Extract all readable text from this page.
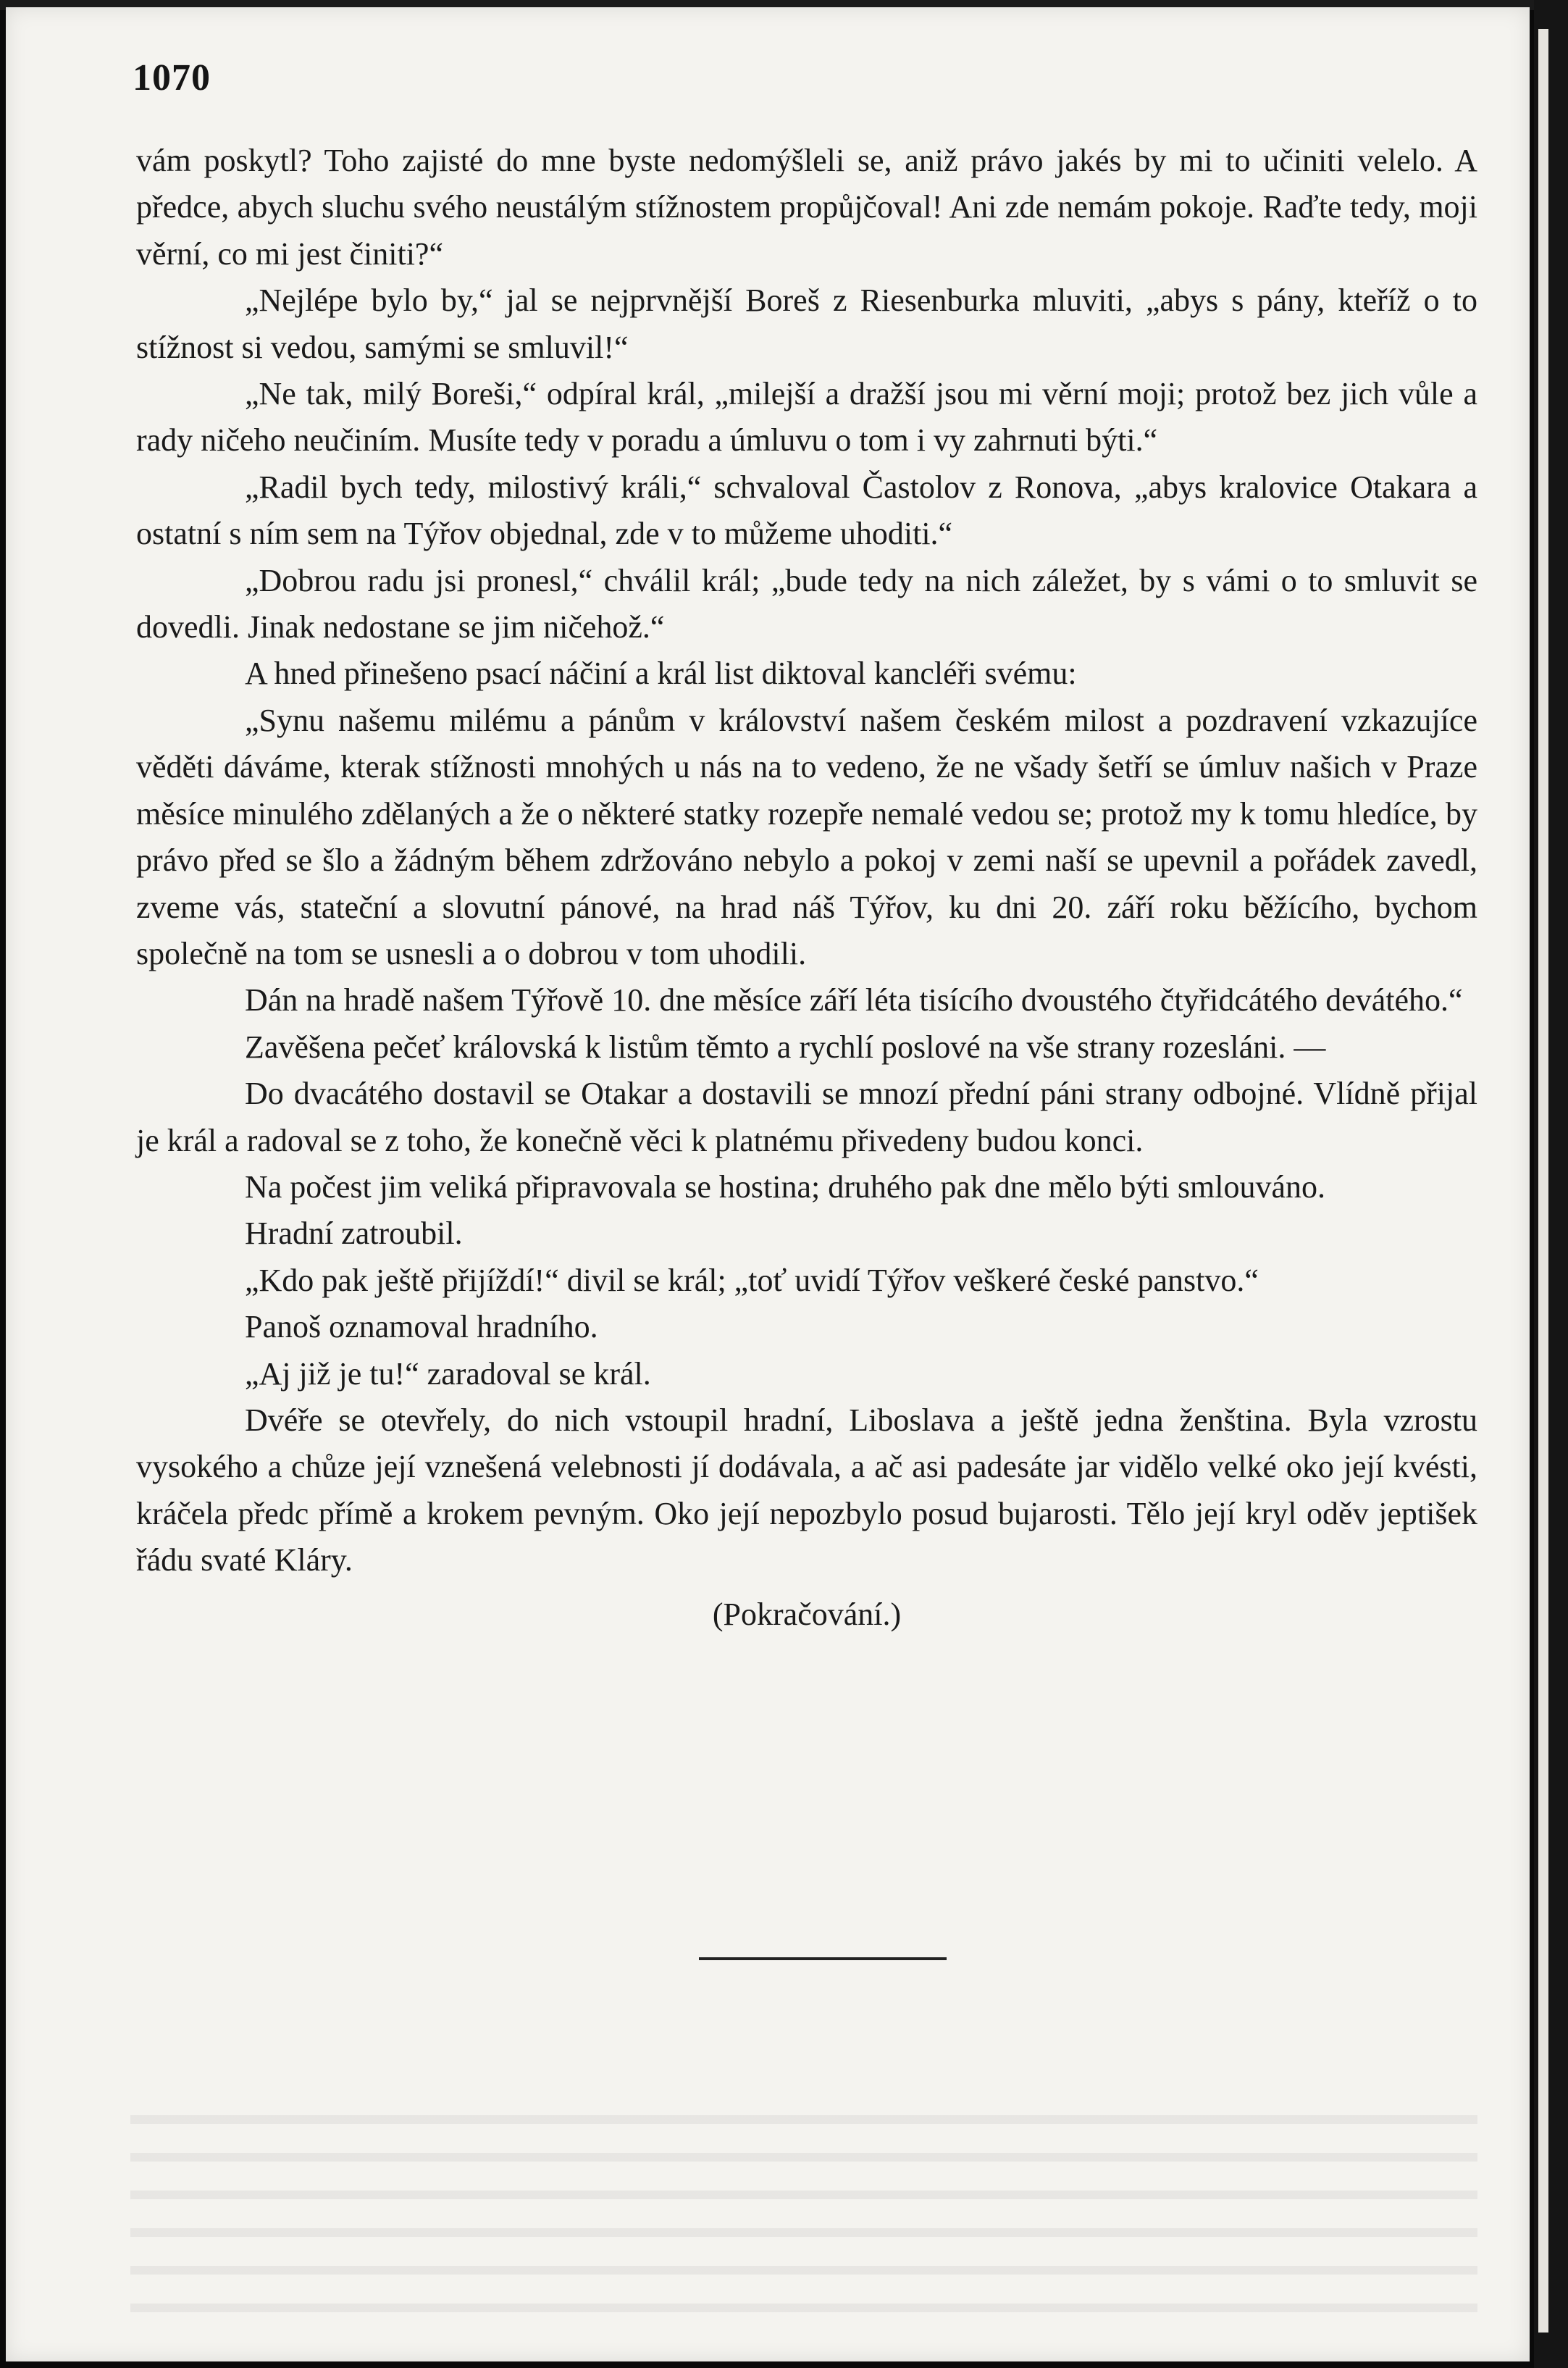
1070

vám poskytl? Toho zajisté do mne byste nedomýšleli se, aniž právo jakés by mi to učiniti velelo. A předce, abych sluchu svého neustálým stížnostem propůjčoval! Ani zde nemám pokoje. Raďte tedy, moji věrní, co mi jest činiti?“

„Nejlépe bylo by,“ jal se nejprvnější Boreš z Riesenburka mluviti, „abys s pány, kteříž o to stížnost si vedou, samými se smluvil!“

„Ne tak, milý Boreši,“ odpíral král, „milejší a dražší jsou mi věrní moji; protož bez jich vůle a rady ničeho neučiním. Musíte tedy v poradu a úmluvu o tom i vy zahrnuti býti.“

„Radil bych tedy, milostivý králi,“ schvaloval Častolov z Ronova, „abys kralovice Otakara a ostatní s ním sem na Týřov objednal, zde v to můžeme uhoditi.“

„Dobrou radu jsi pronesl,“ chválil král; „bude tedy na nich záležet, by s vámi o to smluvit se dovedli. Jinak nedostane se jim ničehož.“

A hned přinešeno psací náčiní a král list diktoval kancléři svému:

„Synu našemu milému a pánům v království našem českém milost a pozdravení vzkazujíce věděti dáváme, kterak stížnosti mnohých u nás na to vedeno, že ne všady šetří se úmluv našich v Praze měsíce minulého zdělaných a že o některé statky rozepře nemalé vedou se; protož my k tomu hledíce, by právo před se šlo a žádným během zdržováno nebylo a pokoj v zemi naší se upevnil a pořádek zavedl, zveme vás, stateční a slovutní pánové, na hrad náš Týřov, ku dni 20. září roku běžícího, bychom společně na tom se usnesli a o dobrou v tom uhodili.

Dán na hradě našem Týřově 10. dne měsíce září léta tisícího dvoustého čtyřidcátého devátého.“

Zavěšena pečeť královská k listům těmto a rychlí poslové na vše strany rozesláni. —

Do dvacátého dostavil se Otakar a dostavili se mnozí přední páni strany odbojné. Vlídně přijal je král a radoval se z toho, že konečně věci k platnému přivedeny budou konci.

Na počest jim veliká připravovala se hostina; druhého pak dne mělo býti smlouváno.

Hradní zatroubil.

„Kdo pak ještě přijíždí!“ divil se král; „toť uvidí Týřov veškeré české panstvo.“

Panoš oznamoval hradního.

„Aj již je tu!“ zaradoval se král.

Dvéře se otevřely, do nich vstoupil hradní, Liboslava a ještě jedna ženština. Byla vzrostu vysokého a chůze její vznešená velebnosti jí dodávala, a ač asi padesáte jar vidělo velké oko její kvésti, kráčela předc přímě a krokem pevným. Oko její nepozbylo posud bujarosti. Tělo její kryl oděv jeptišek řádu svaté Kláry.

(Pokračování.)
